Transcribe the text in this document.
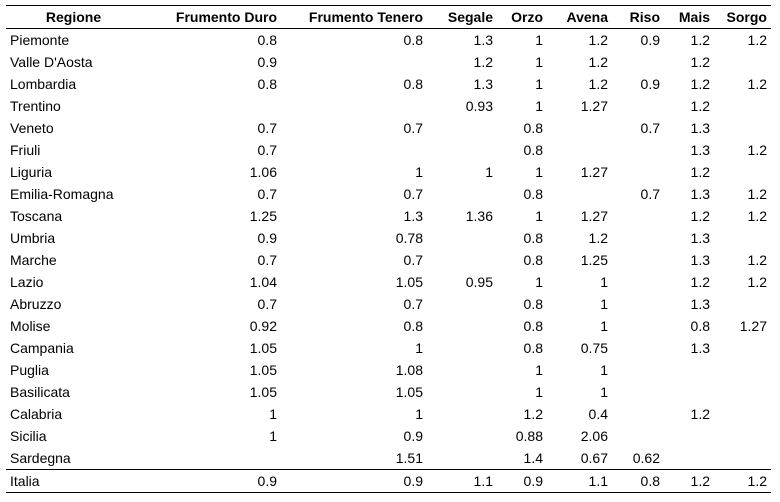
Regione	Frumento Duro	Frumento Tenero	Segale	Orzo	Avena	Riso	Mais	Sorgo
Piemonte	0.8	0.8	1.3	1	1.2	0.9	1.2	1.2
Valle D'Aosta	0.9		1.2	1	1.2		1.2	
Lombardia	0.8	0.8	1.3	1	1.2	0.9	1.2	1.2
Trentino			0.93	1	1.27		1.2	
Veneto	0.7	0.7		0.8		0.7	1.3	
Friuli	0.7			0.8			1.3	1.2
Liguria	1.06	1	1	1	1.27		1.2	
Emilia-Romagna	0.7	0.7		0.8		0.7	1.3	1.2
Toscana	1.25	1.3	1.36	1	1.27		1.2	1.2
Umbria	0.9	0.78		0.8	1.2		1.3	
Marche	0.7	0.7		0.8	1.25		1.3	1.2
Lazio	1.04	1.05	0.95	1	1		1.2	1.2
Abruzzo	0.7	0.7		0.8	1		1.3	
Molise	0.92	0.8		0.8	1		0.8	1.27
Campania	1.05	1		0.8	0.75		1.3	
Puglia	1.05	1.08		1	1			
Basilicata	1.05	1.05		1	1			
Calabria	1	1		1.2	0.4		1.2	
Sicilia	1	0.9		0.88	2.06			
Sardegna		1.51		1.4	0.67	0.62		
Italia	0.9	0.9	1.1	0.9	1.1	0.8	1.2	1.2
